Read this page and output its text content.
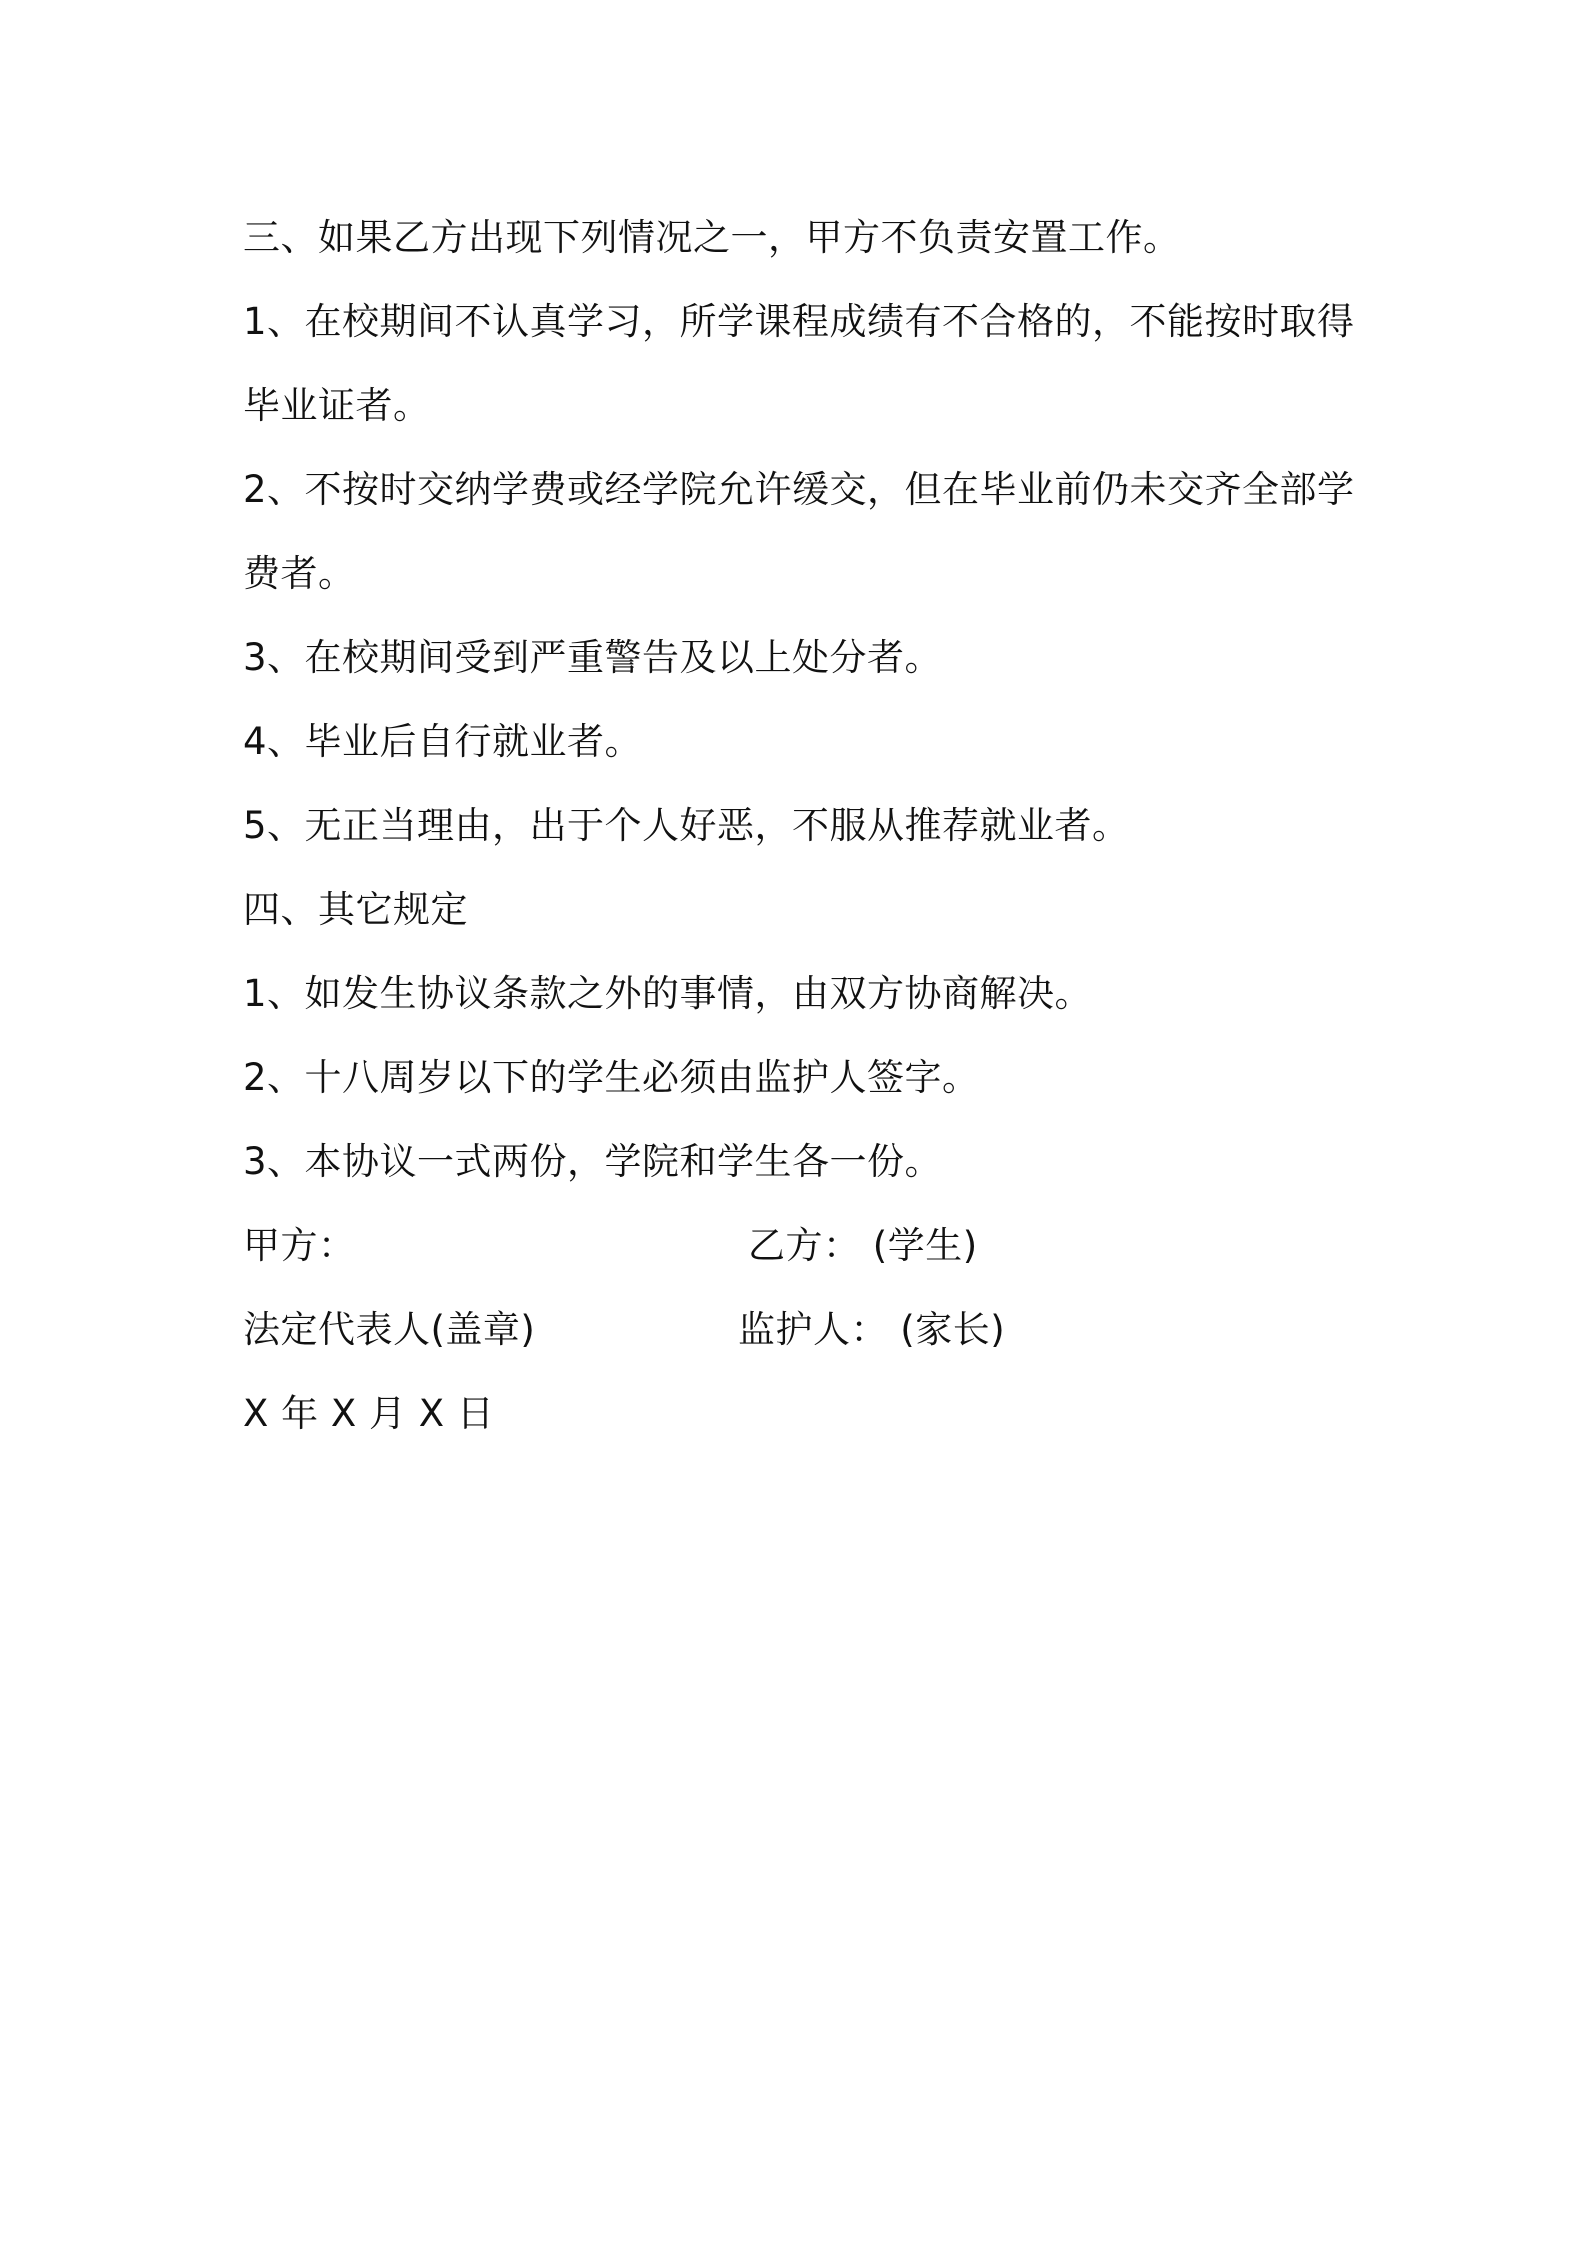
三、如果乙方出现下列情况之一，甲方不负责安置工作。
1、在校期间不认真学习，所学课程成绩有不合格的，不能按时取得
毕业证者。
2、不按时交纳学费或经学院允许缓交，但在毕业前仍未交齐全部学
费者。
3、在校期间受到严重警告及以上处分者。
4、毕业后自行就业者。
5、无正当理由，出于个人好恶，不服从推荐就业者。
四、其它规定
1、如发生协议条款之外的事情，由双方协商解决。
2、十八周岁以下的学生必须由监护人签字。
3、本协议一式两份，学院和学生各一份。
甲方：	乙方： (学生)
法定代表人(盖章)	监护人： (家长)
X 年 X 月 X 日
